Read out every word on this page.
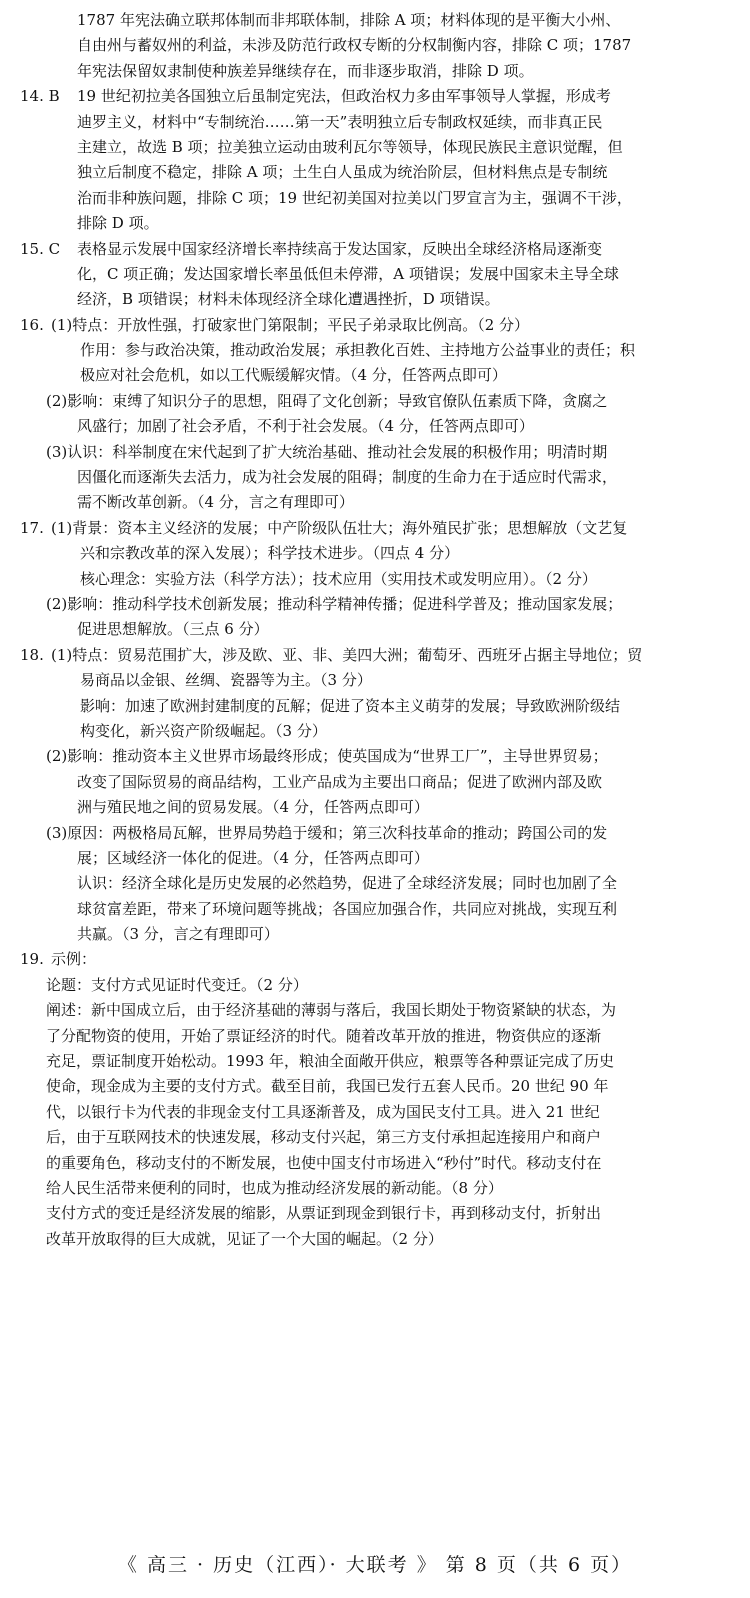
1787 年宪法确立联邦体制而非邦联体制，排除 A 项；材料体现的是平衡大小州、
自由州与蓄奴州的利益，未涉及防范行政权专断的分权制衡内容，排除 C 项；1787
年宪法保留奴隶制使种族差异继续存在，而非逐步取消，排除 D 项。
14. B 19 世纪初拉美各国独立后虽制定宪法，但政治权力多由军事领导人掌握，形成考
迪罗主义，材料中“专制统治……第一天”表明独立后专制政权延续，而非真正民
主建立，故选 B 项；拉美独立运动由玻利瓦尔等领导，体现民族民主意识觉醒，但
独立后制度不稳定，排除 A 项；土生白人虽成为统治阶层，但材料焦点是专制统
治而非种族问题，排除 C 项；19 世纪初美国对拉美以门罗宣言为主，强调不干涉，
排除 D 项。
15. C 表格显示发展中国家经济增长率持续高于发达国家，反映出全球经济格局逐渐变
化，C 项正确；发达国家增长率虽低但未停滞，A 项错误；发展中国家未主导全球
经济，B 项错误；材料未体现经济全球化遭遇挫折，D 项错误。
16. (1)特点：开放性强，打破家世门第限制；平民子弟录取比例高。（2 分）
作用：参与政治决策，推动政治发展；承担教化百姓、主持地方公益事业的责任；积
极应对社会危机，如以工代赈缓解灾情。（4 分，任答两点即可）
(2)影响：束缚了知识分子的思想，阻碍了文化创新；导致官僚队伍素质下降，贪腐之
风盛行；加剧了社会矛盾，不利于社会发展。（4 分，任答两点即可）
(3)认识：科举制度在宋代起到了扩大统治基础、推动社会发展的积极作用；明清时期
因僵化而逐渐失去活力，成为社会发展的阻碍；制度的生命力在于适应时代需求，
需不断改革创新。（4 分，言之有理即可）
17. (1)背景：资本主义经济的发展；中产阶级队伍壮大；海外殖民扩张；思想解放（文艺复
兴和宗教改革的深入发展）；科学技术进步。（四点 4 分）
核心理念：实验方法（科学方法）；技术应用（实用技术或发明应用）。（2 分）
(2)影响：推动科学技术创新发展；推动科学精神传播；促进科学普及；推动国家发展；
促进思想解放。（三点 6 分）
18. (1)特点：贸易范围扩大，涉及欧、亚、非、美四大洲；葡萄牙、西班牙占据主导地位；贸
易商品以金银、丝绸、瓷器等为主。（3 分）
影响：加速了欧洲封建制度的瓦解；促进了资本主义萌芽的发展；导致欧洲阶级结
构变化，新兴资产阶级崛起。（3 分）
(2)影响：推动资本主义世界市场最终形成；使英国成为“世界工厂”，主导世界贸易；
改变了国际贸易的商品结构，工业产品成为主要出口商品；促进了欧洲内部及欧
洲与殖民地之间的贸易发展。（4 分，任答两点即可）
(3)原因：两极格局瓦解，世界局势趋于缓和；第三次科技革命的推动；跨国公司的发
展；区域经济一体化的促进。（4 分，任答两点即可）
认识：经济全球化是历史发展的必然趋势，促进了全球经济发展；同时也加剧了全
球贫富差距，带来了环境问题等挑战；各国应加强合作，共同应对挑战，实现互利
共赢。（3 分，言之有理即可）
19. 示例：
论题：支付方式见证时代变迁。（2 分）
阐述：新中国成立后，由于经济基础的薄弱与落后，我国长期处于物资紧缺的状态，为
了分配物资的使用，开始了票证经济的时代。随着改革开放的推进，物资供应的逐渐
充足，票证制度开始松动。1993 年，粮油全面敞开供应，粮票等各种票证完成了历史
使命，现金成为主要的支付方式。截至目前，我国已发行五套人民币。20 世纪 90 年
代，以银行卡为代表的非现金支付工具逐渐普及，成为国民支付工具。进入 21 世纪
后，由于互联网技术的快速发展，移动支付兴起，第三方支付承担起连接用户和商户
的重要角色，移动支付的不断发展，也使中国支付市场进入“秒付”时代。移动支付在
给人民生活带来便利的同时，也成为推动经济发展的新动能。（8 分）
支付方式的变迁是经济发展的缩影，从票证到现金到银行卡，再到移动支付，折射出
改革开放取得的巨大成就，见证了一个大国的崛起。（2 分）
《 高三 · 历史（江西）· 大联考 》 第 8 页（共 6 页）
